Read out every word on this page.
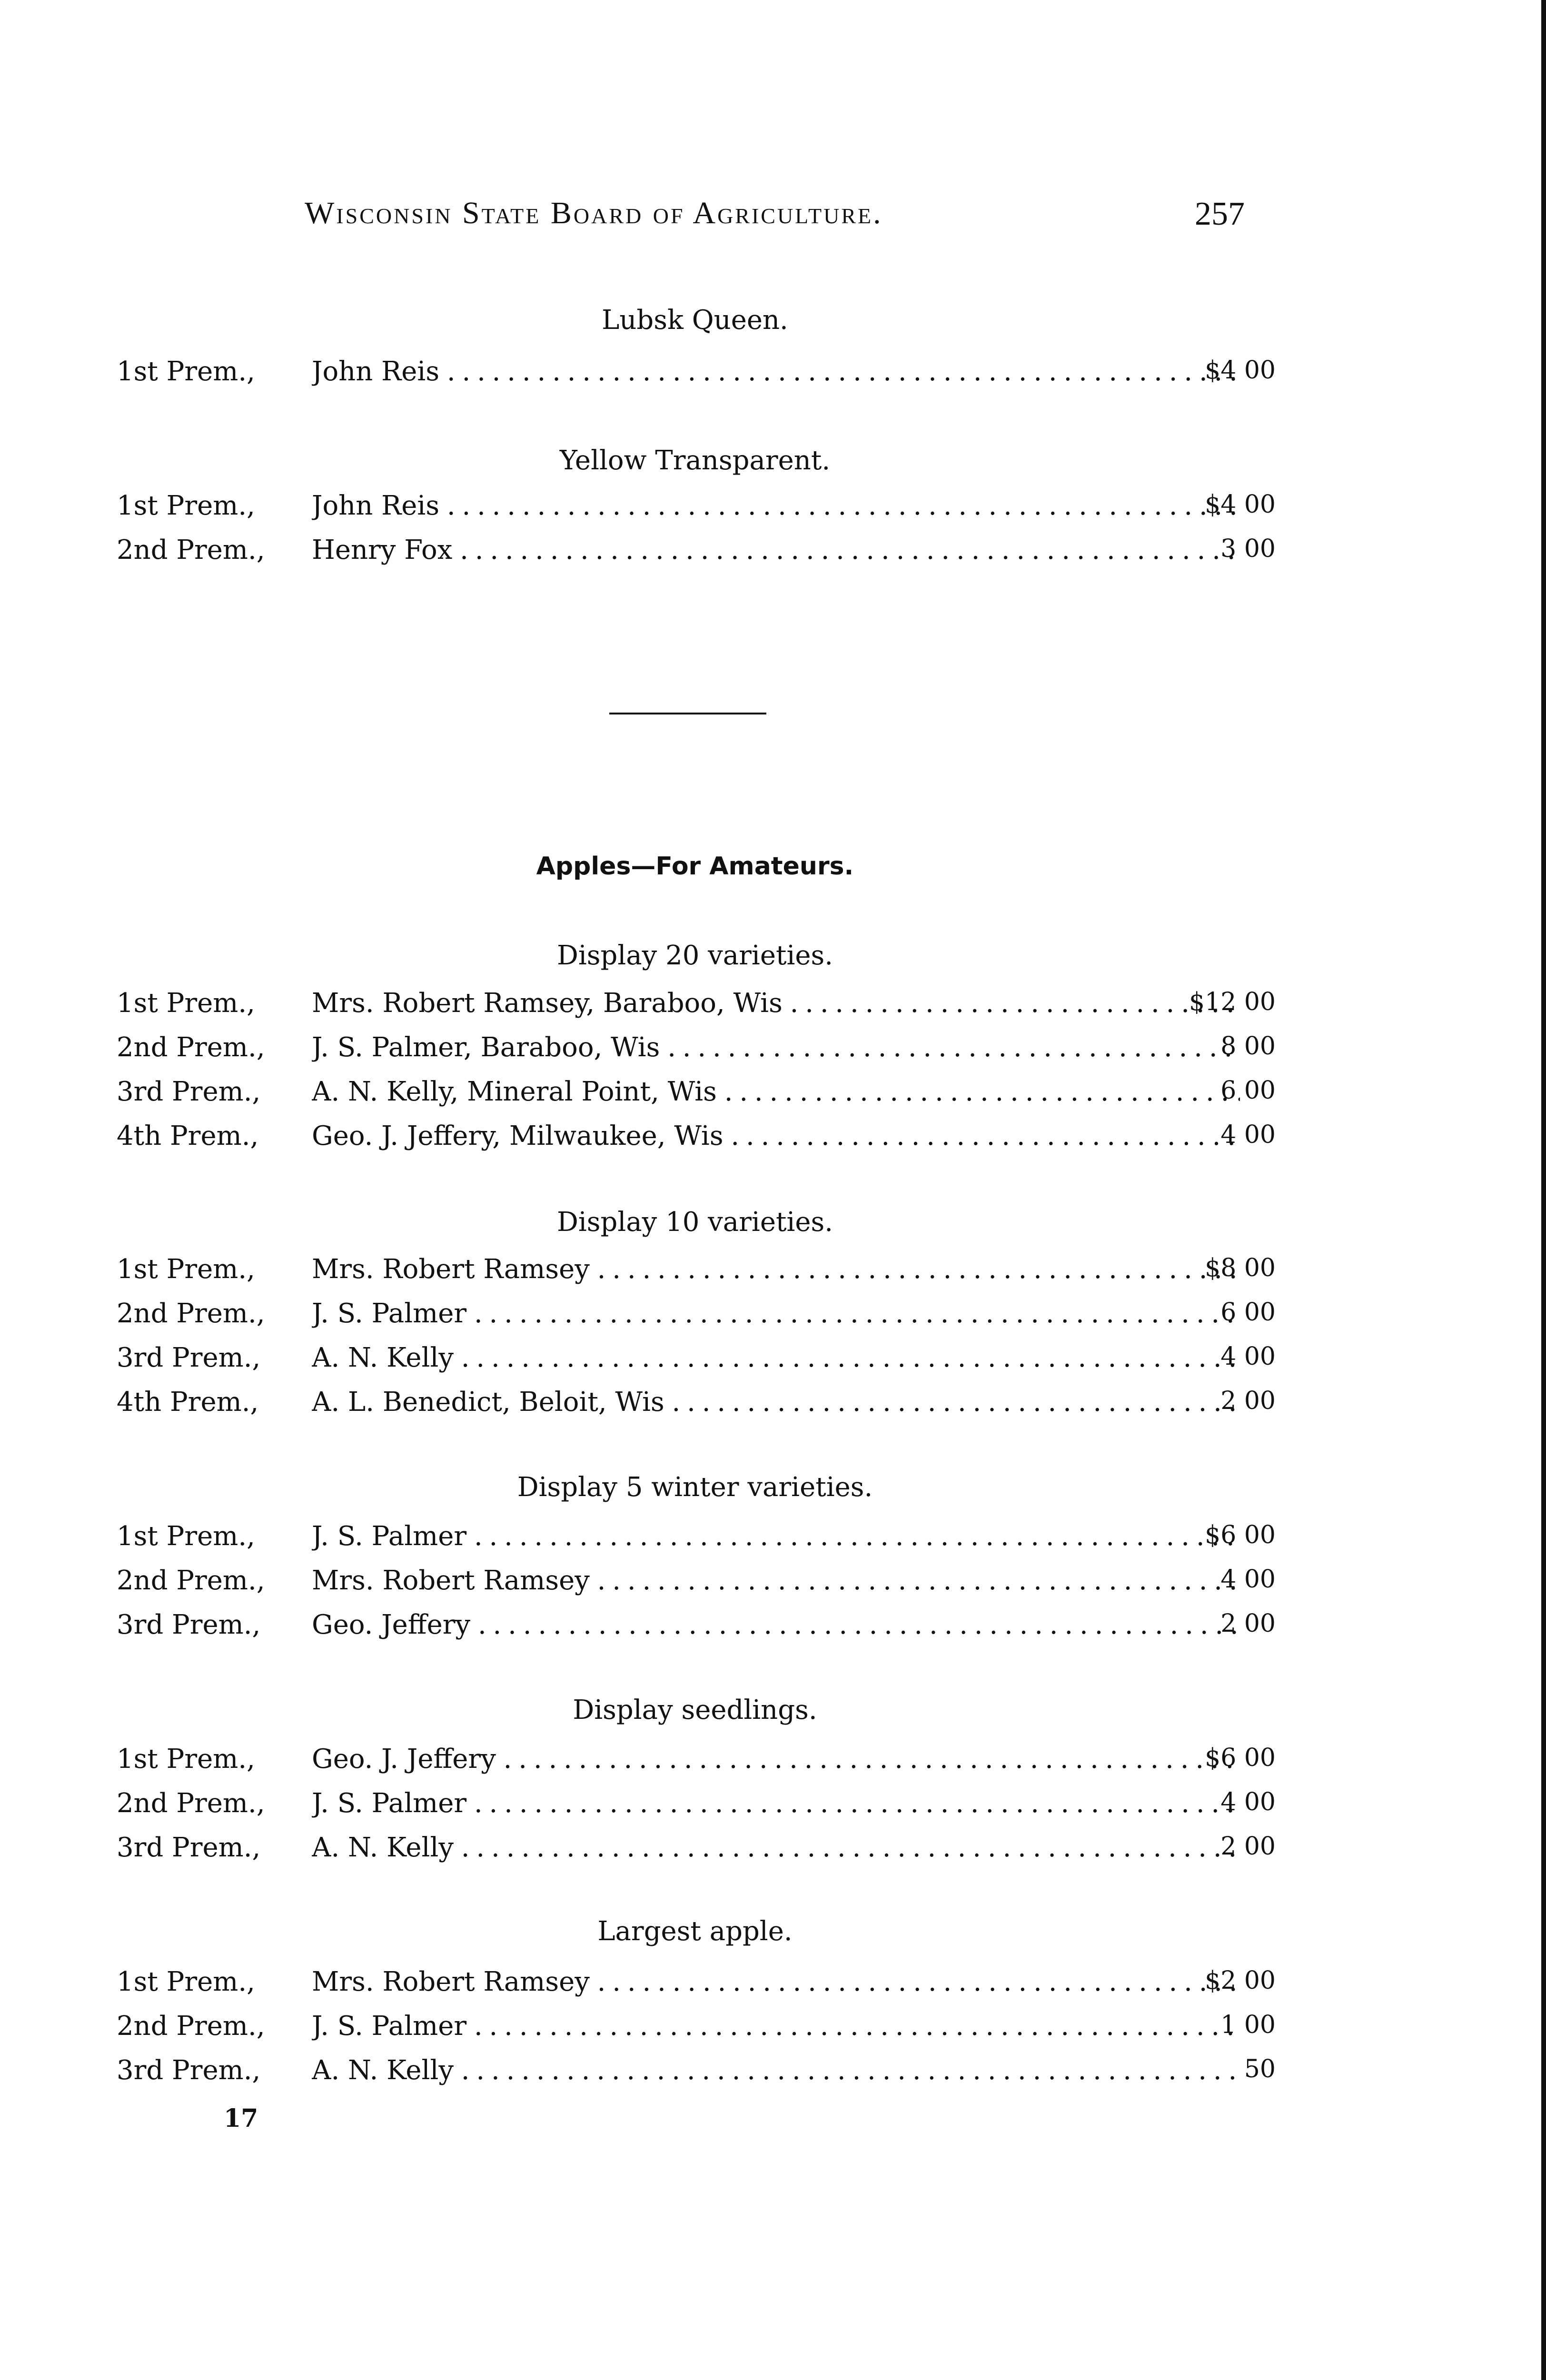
Wisconsin State Board of Agriculture.	257
Lubsk Queen.
1st Prem.,	John Reis . . .	$4 00
Yellow Transparent.
1st Prem.,	John Reis . . .	$4 00
2nd Prem.,	Henry Fox . . .	3 00
Apples—For Amateurs.
Display 20 varieties.
1st Prem.,	Mrs. Robert Ramsey, Baraboo, Wis . . .	$12 00
2nd Prem.,	J. S. Palmer, Baraboo, Wis . . .	8 00
3rd Prem.,	A. N. Kelly, Mineral Point, Wis . . .	6 00
4th Prem.,	Geo. J. Jeffery, Milwaukee, Wis . . .	4 00
Display 10 varieties.
1st Prem.,	Mrs. Robert Ramsey . . .	$8 00
2nd Prem.,	J. S. Palmer . . .	6 00
3rd Prem.,	A. N. Kelly . . .	4 00
4th Prem.,	A. L. Benedict, Beloit, Wis . . .	2 00
Display 5 winter varieties.
1st Prem.,	J. S. Palmer . . .	$6 00
2nd Prem.,	Mrs. Robert Ramsey . . .	4 00
3rd Prem.,	Geo. Jeffery . . .	2 00
Display seedlings.
1st Prem.,	Geo. J. Jeffery . . .	$6 00
2nd Prem.,	J. S. Palmer . . .	4 00
3rd Prem.,	A. N. Kelly . . .	2 00
Largest apple.
1st Prem.,	Mrs. Robert Ramsey . . .	$2 00
2nd Prem.,	J. S. Palmer . . .	1 00
3rd Prem.,	A. N. Kelly . . .	50
17
